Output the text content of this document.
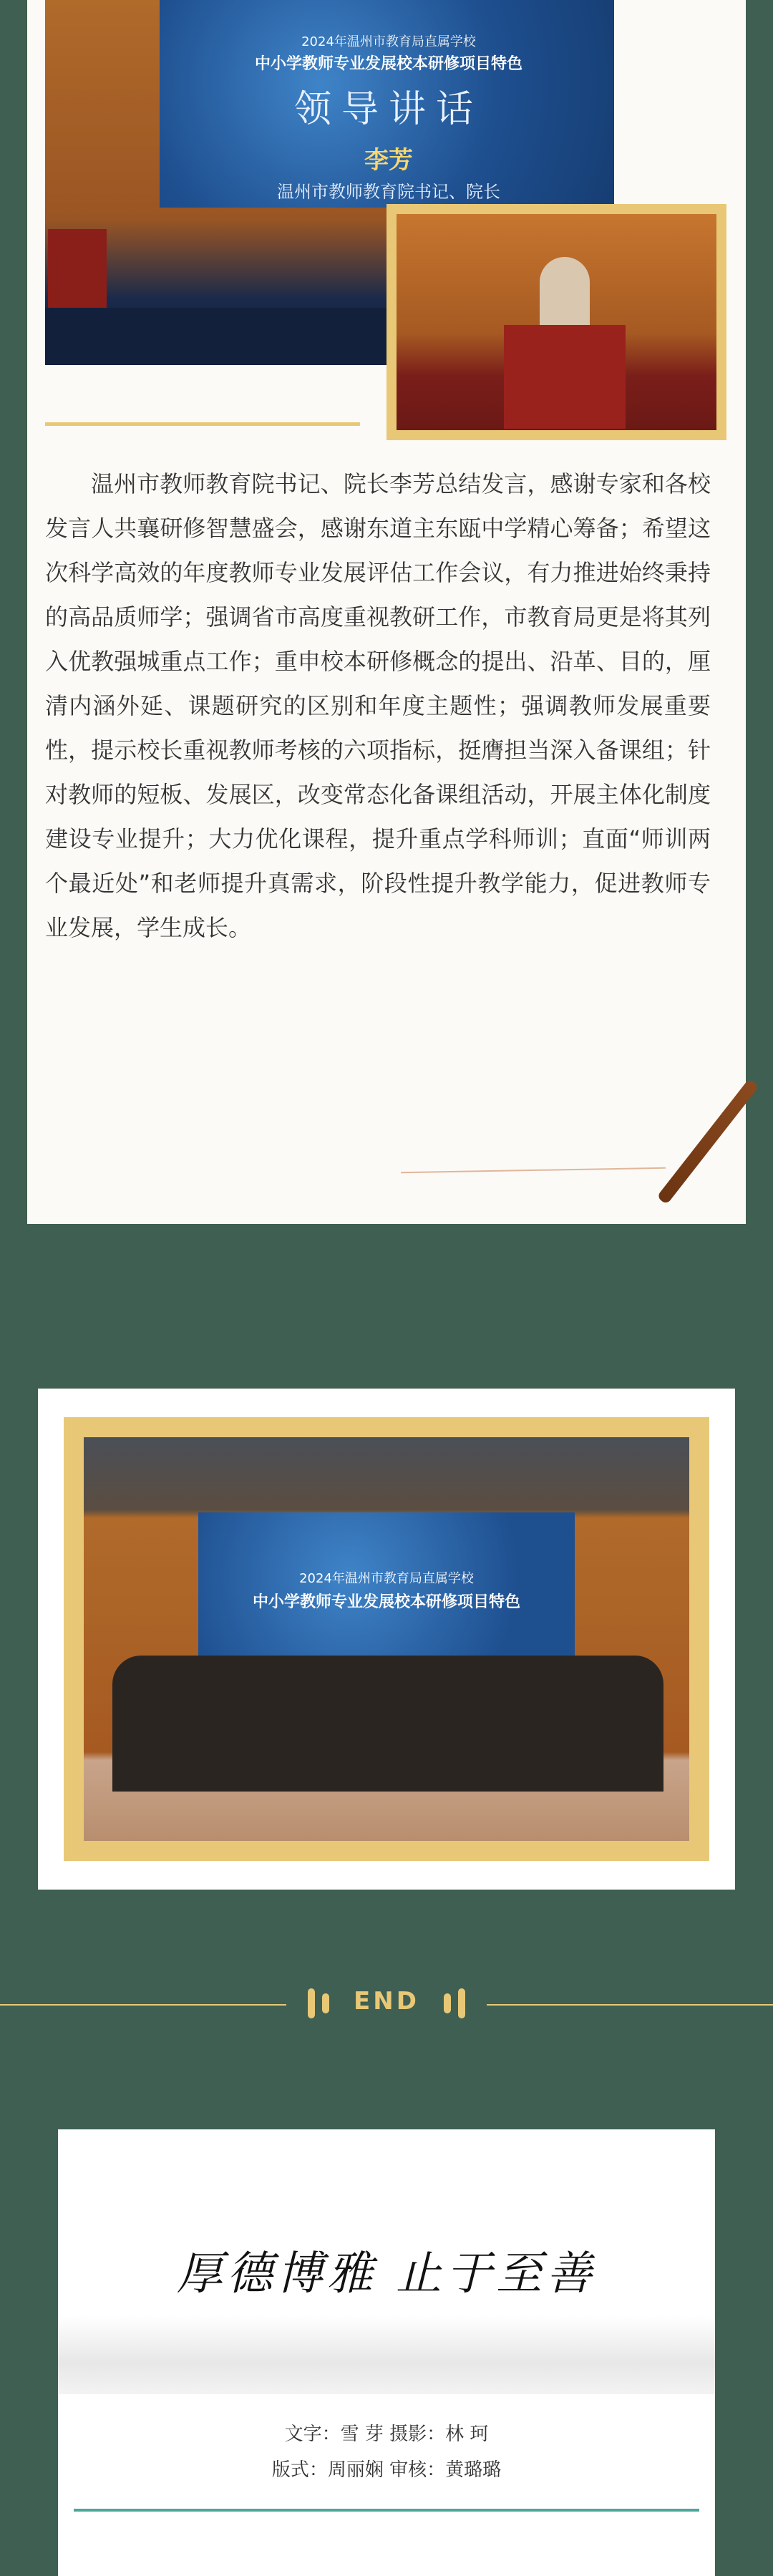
2024年温州市教育局直属学校
中小学教师专业发展校本研修项目特色
领导讲话
李芳
温州市教师教育院书记、院长
温州市教师教育院书记、院长李芳总结发言，感谢专家和各校发言人共襄研修智慧盛会，感谢东道主东瓯中学精心筹备；希望这次科学高效的年度教师专业发展评估工作会议，有力推进始终秉持的高品质师学；强调省市高度重视教研工作，市教育局更是将其列入优教强城重点工作；重申校本研修概念的提出、沿革、目的，厘清内涵外延、课题研究的区别和年度主题性；强调教师发展重要性，提示校长重视教师考核的六项指标，挺膺担当深入备课组；针对教师的短板、发展区，改变常态化备课组活动，开展主体化制度建设专业提升；大力优化课程，提升重点学科师训；直面“师训两个最近处”和老师提升真需求，阶段性提升教学能力，促进教师专业发展，学生成长。
2024年温州市教育局直属学校
中小学教师专业发展校本研修项目特色
END
厚德博雅 止于至善
文字：雪 芽 摄影：林 珂
版式：周丽娴 审核：黄璐璐
